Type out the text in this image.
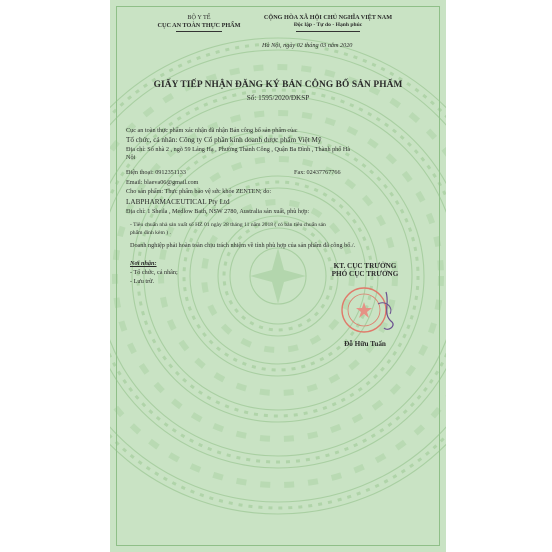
BỘ Y TẾ
CỤC AN TOÀN THỰC PHẨM
CỘNG HÒA XÃ HỘI CHỦ NGHĨA VIỆT NAM
Độc lập - Tự do - Hạnh phúc
Hà Nội, ngày 02 tháng 03 năm 2020
GIẤY TIẾP NHẬN ĐĂNG KÝ BẢN CÔNG BỐ SẢN PHẨM
Số: 1595/2020/ĐKSP
Cục an toàn thực phẩm xác nhận đã nhận Bản công bố sản phẩm của:
Tổ chức, cá nhân: Công ty Cổ phần kinh doanh dược phẩm Việt Mỹ
Địa chỉ: Số nhà 2 , ngõ 59 Láng Hạ , Phường Thành Công , Quận Ba Đình , Thành phố Hà
Nội
Điện thoại: 0912351133	Fax: 02437767766
Email: blaeva06@gmail.com
Cho sản phẩm: Thực phẩm bảo vệ sức khỏe ZENTEN; do:
LABPHARMACEUTICAL Pty Ltd
Địa chỉ: 1 Sheila , Medlow Bath, NSW 2780, Australia sản xuất, phù hợp:
- Tiêu chuẩn nhà sản xuất số HZ 01 ngày 28 tháng 11 năm 2018 ( có bản tiêu chuẩn sản
phẩm đính kèm ) .
Doanh nghiệp phải hoàn toàn chịu trách nhiệm về tính phù hợp của sản phẩm đã công bố./.
Nơi nhận:
- Tổ chức, cá nhân;
- Lưu trữ.
KT. CỤC TRƯỞNG
PHÓ CỤC TRƯỞNG
Đỗ Hữu Tuấn
